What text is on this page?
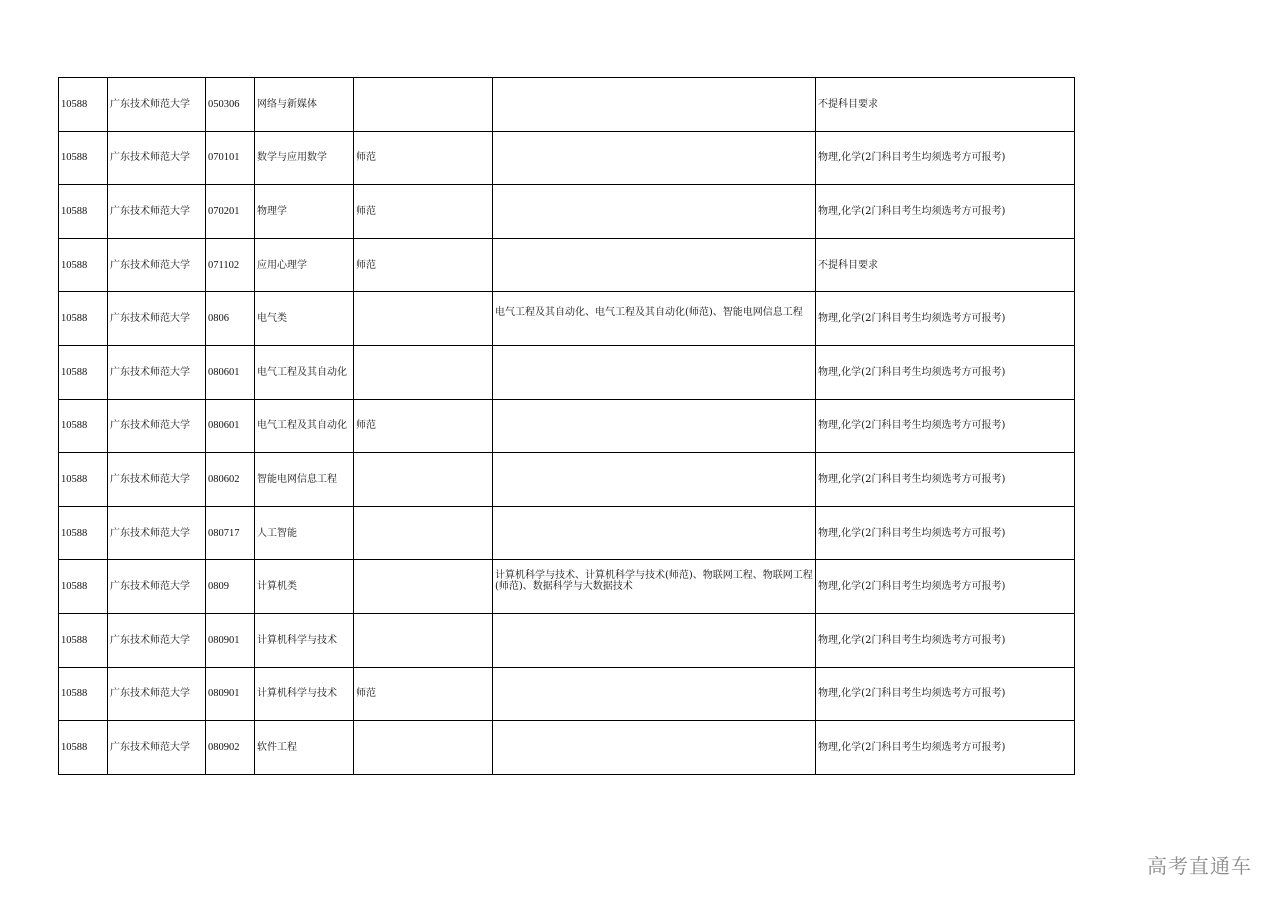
10588	广东技术师范大学	050306	网络与新媒体			不提科目要求
10588	广东技术师范大学	070101	数学与应用数学	师范		物理,化学(2门科目考生均须选考方可报考)
10588	广东技术师范大学	070201	物理学	师范		物理,化学(2门科目考生均须选考方可报考)
10588	广东技术师范大学	071102	应用心理学	师范		不提科目要求
10588	广东技术师范大学	0806	电气类		电气工程及其自动化、电气工程及其自动化(师范)、智能电网信息工程	物理,化学(2门科目考生均须选考方可报考)
10588	广东技术师范大学	080601	电气工程及其自动化			物理,化学(2门科目考生均须选考方可报考)
10588	广东技术师范大学	080601	电气工程及其自动化	师范		物理,化学(2门科目考生均须选考方可报考)
10588	广东技术师范大学	080602	智能电网信息工程			物理,化学(2门科目考生均须选考方可报考)
10588	广东技术师范大学	080717	人工智能			物理,化学(2门科目考生均须选考方可报考)
10588	广东技术师范大学	0809	计算机类		计算机科学与技术、计算机科学与技术(师范)、物联网工程、物联网工程(师范)、数据科学与大数据技术	物理,化学(2门科目考生均须选考方可报考)
10588	广东技术师范大学	080901	计算机科学与技术			物理,化学(2门科目考生均须选考方可报考)
10588	广东技术师范大学	080901	计算机科学与技术	师范		物理,化学(2门科目考生均须选考方可报考)
10588	广东技术师范大学	080902	软件工程			物理,化学(2门科目考生均须选考方可报考)
高考直通车
